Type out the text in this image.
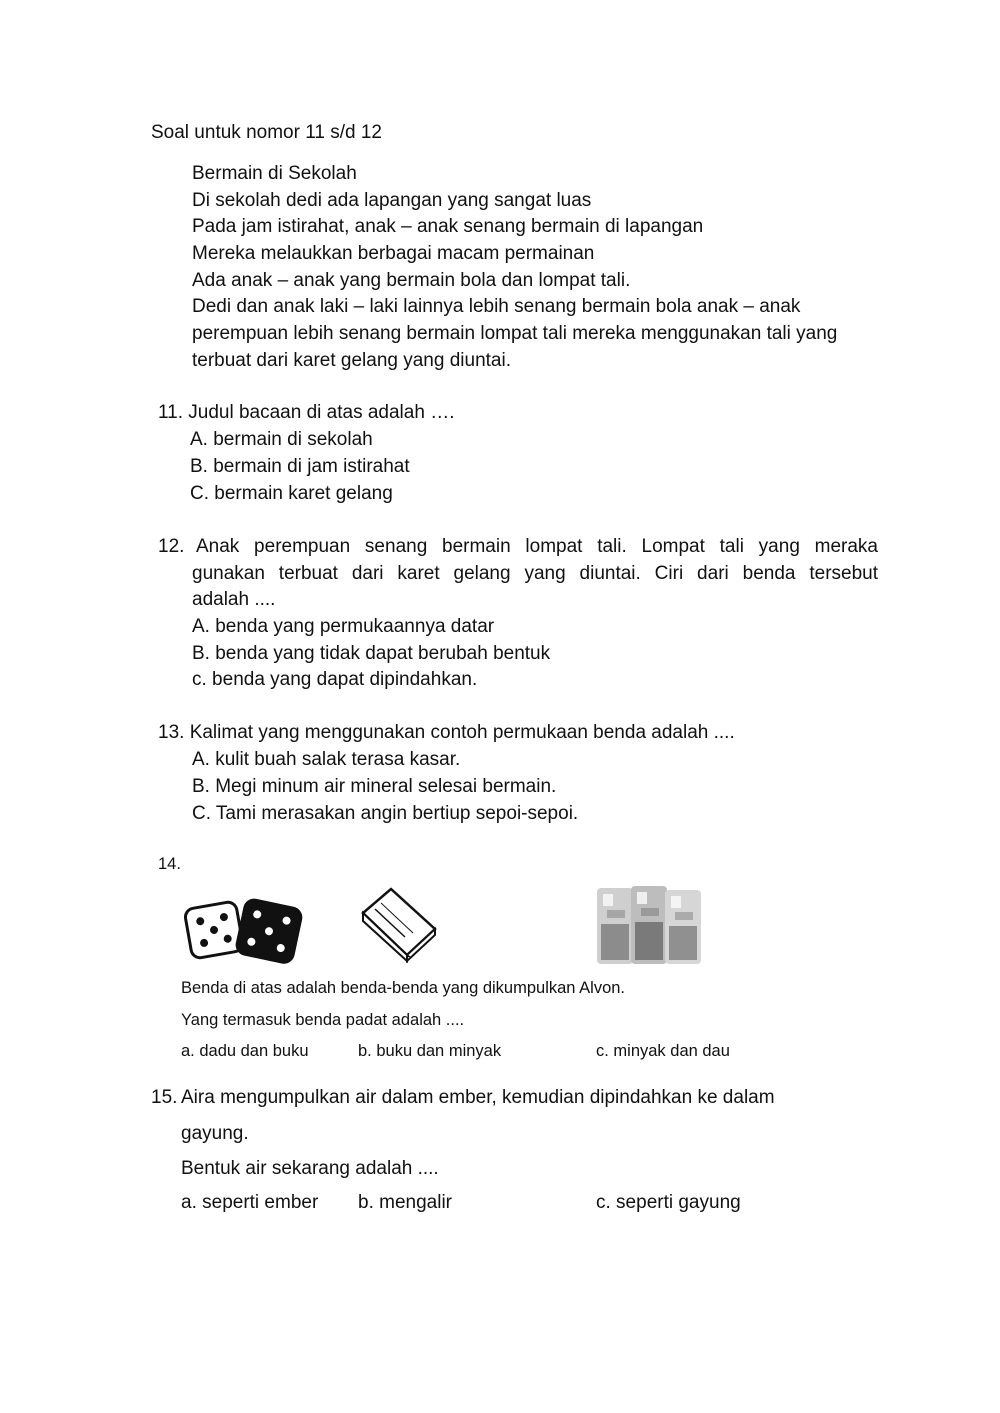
Soal untuk nomor 11 s/d 12
Bermain di Sekolah
Di sekolah dedi ada lapangan yang sangat luas
Pada jam istirahat, anak – anak senang bermain di lapangan
Mereka melaukkan berbagai macam permainan
Ada anak – anak yang bermain bola dan lompat tali.
Dedi dan anak laki – laki lainnya lebih senang bermain bola anak – anak
perempuan lebih senang bermain lompat tali mereka menggunakan tali yang
terbuat dari karet gelang yang diuntai.
11. Judul bacaan di atas adalah ….
A. bermain di sekolah
B. bermain di jam istirahat
C. bermain karet gelang
12. Anak perempuan senang bermain lompat tali. Lompat tali yang meraka
gunakan terbuat dari karet gelang yang diuntai. Ciri dari benda tersebut
adalah ....
A. benda yang permukaannya datar
B. benda yang tidak dapat berubah bentuk
c. benda yang dapat dipindahkan.
13. Kalimat yang menggunakan contoh permukaan benda adalah ....
A. kulit buah salak terasa kasar.
B. Megi minum air mineral selesai bermain.
C. Tami merasakan angin bertiup sepoi-sepoi.
14.
Benda di atas adalah benda-benda yang dikumpulkan Alvon.
Yang termasuk benda padat adalah ....
a. dadu dan buku	b. buku dan minyak	c. minyak dan dau
15. Aira mengumpulkan air dalam ember, kemudian dipindahkan ke dalam
gayung.
Bentuk air sekarang adalah ....
a. seperti ember b. mengalir	c. seperti gayung
